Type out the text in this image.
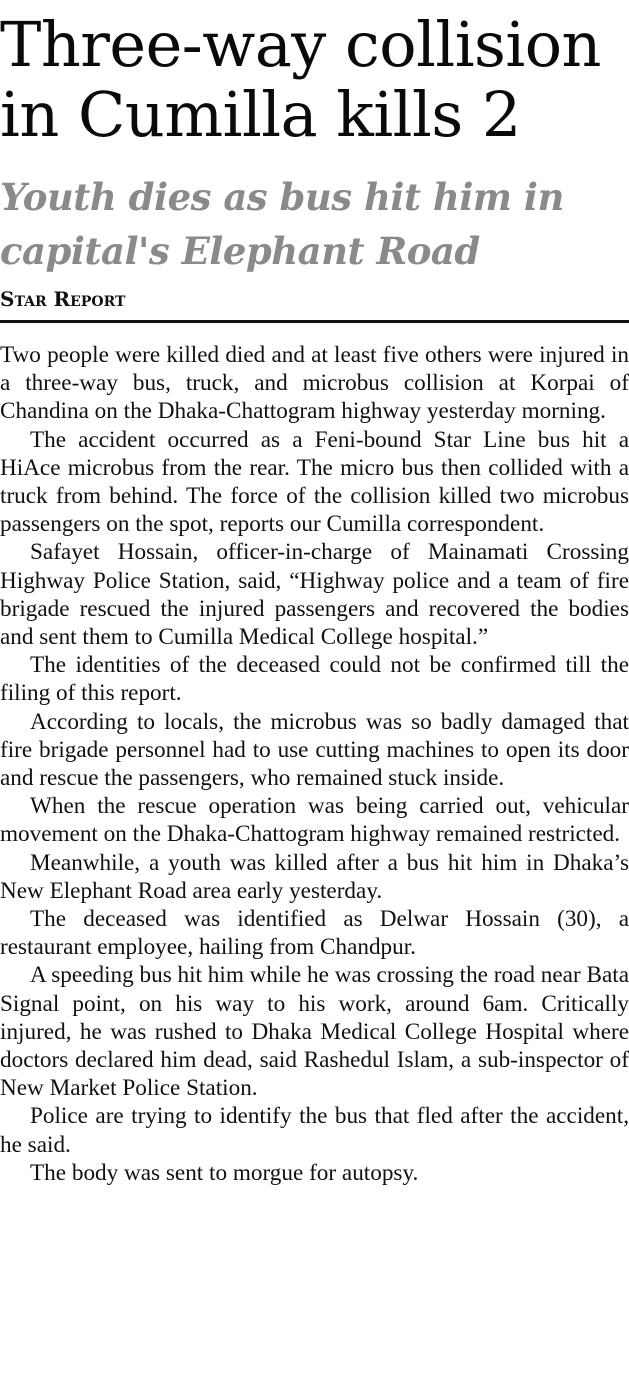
Three-way collision
in Cumilla kills 2
Youth dies as bus hit him in
capital's Elephant Road
Star Report

Two people were killed died and at least five others were injured in a three-way bus, truck, and microbus collision at Korpai of Chandina on the Dhaka-Chattogram highway yesterday morning.

The accident occurred as a Feni-bound Star Line bus hit a HiAce microbus from the rear. The micro bus then collided with a truck from behind. The force of the collision killed two microbus passengers on the spot, reports our Cumilla correspondent.

Safayet Hossain, officer-in-charge of Mainamati Crossing Highway Police Station, said, “Highway police and a team of fire brigade rescued the injured passengers and recovered the bodies and sent them to Cumilla Medical College hospital.”

The identities of the deceased could not be confirmed till the filing of this report.

According to locals, the microbus was so badly damaged that fire brigade personnel had to use cutting machines to open its door and rescue the passengers, who remained stuck inside.

When the rescue operation was being carried out, vehicular movement on the Dhaka-Chattogram highway remained restricted.

Meanwhile, a youth was killed after a bus hit him in Dhaka’s New Elephant Road area early yesterday.

The deceased was identified as Delwar Hossain (30), a restaurant employee, hailing from Chandpur.

A speeding bus hit him while he was crossing the road near Bata Signal point, on his way to his work, around 6am. Critically injured, he was rushed to Dhaka Medical College Hospital where doctors declared him dead, said Rashedul Islam, a sub-inspector of New Market Police Station.

Police are trying to identify the bus that fled after the accident, he said.

The body was sent to morgue for autopsy.
